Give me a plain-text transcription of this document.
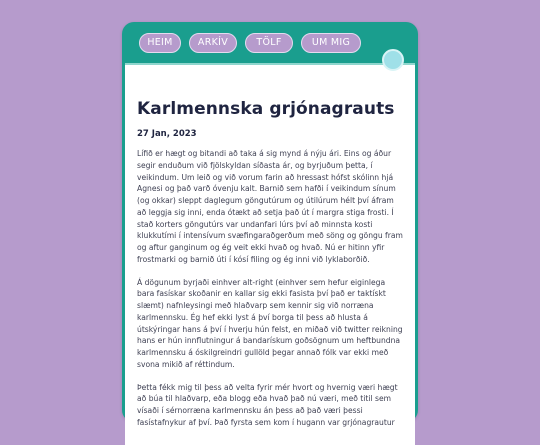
HEIM	ARKÍV	TÖLF	UM MIG
Karlmennska grjónagrauts
27 Jan, 2023

Lífið er hægt og bitandi að taka á sig mynd á nýju ári. Eins og áður segir enduðum við fjölskyldan síðasta ár, og byrjuðum þetta, í veikindum. Um leið og við vorum farin að hressast hófst skólinn hjá Agnesi og það varð óvenju kalt. Barnið sem hafði í veikindum sínum (og okkar) sleppt daglegum göngutúrum og útilúrum hélt því áfram að leggja sig inni, enda ótækt að setja það út í margra stiga frosti. Í stað korters göngutúrs var undanfari lúrs því að minnsta kosti klukkutími í intensívum svæfingaraðgerðum með söng og göngu fram og aftur ganginum og ég veit ekki hvað og hvað. Nú er hitinn yfir frostmarki og barnið úti í kósí filing og ég inni við lyklaborðið.

Á dögunum byrjaði einhver alt-right (einhver sem hefur eiginlega bara fasískar skoðanir en kallar sig ekki fasista því það er taktískt slæmt) nafnleysingi með hlaðvarp sem kennir sig við norræna karlmennsku. Ég hef ekki lyst á því borga til þess að hlusta á útskýringar hans á því í hverju hún felst, en miðað við twitter reikning hans er hún innflutningur á bandarískum goðsögnum um heftbundna karlmennsku á óskilgreindri gullöld þegar annað fólk var ekki með svona mikið af réttindum.

Þetta fékk mig til þess að velta fyrir mér hvort og hvernig væri hægt að búa til hlaðvarp, eða blogg eða hvað það nú væri, með titil sem vísaði í sérnorræna karlmennsku án þess að það væri þessi fasístafnykur af því. Það fyrsta sem kom í hugann var grjónagrautur
